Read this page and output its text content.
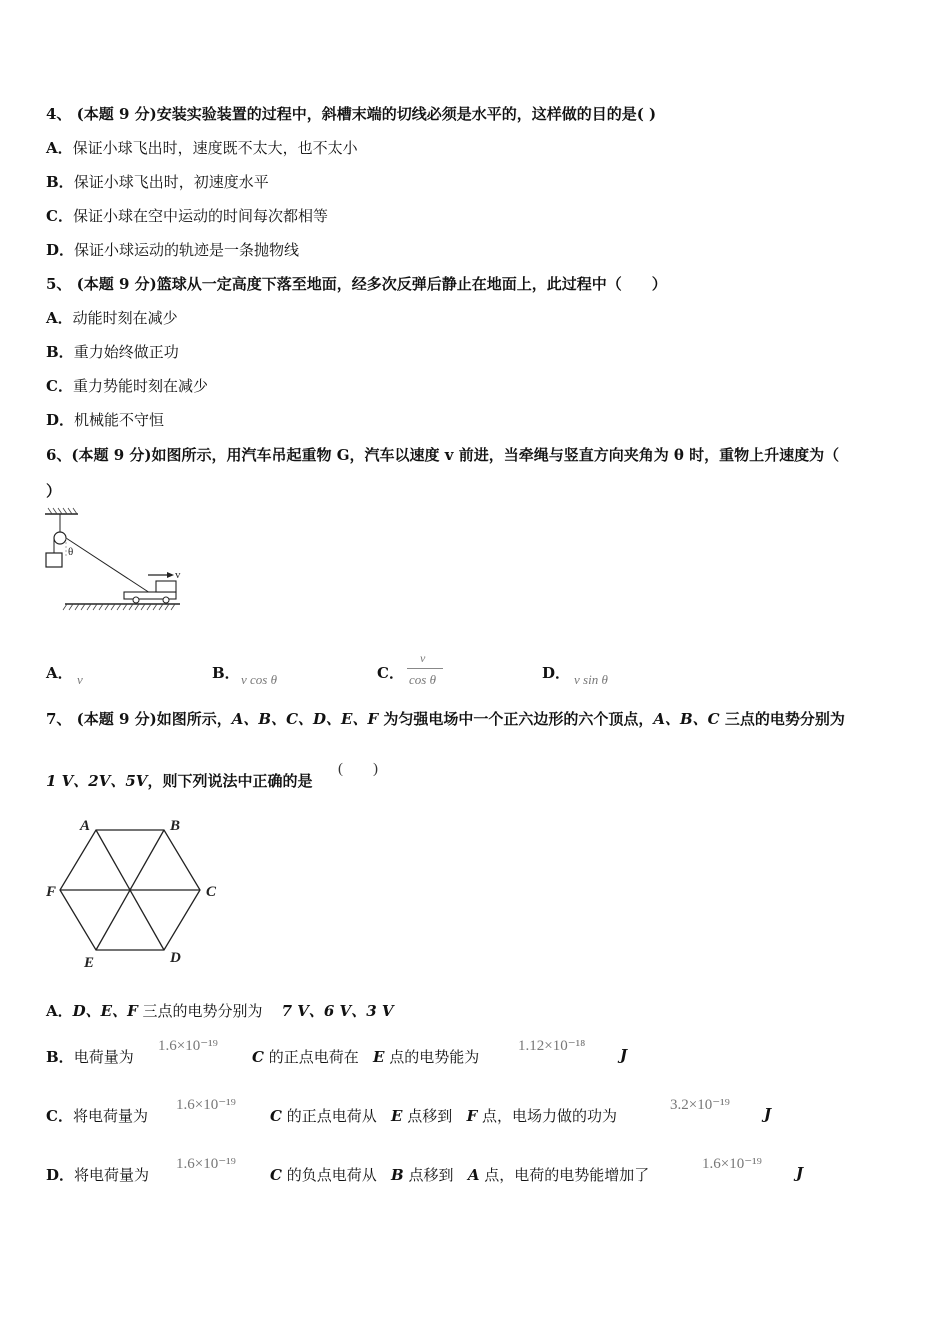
4、 (本题 9 分)安装实验装置的过程中，斜槽末端的切线必须是水平的，这样做的目的是( )
A．保证小球飞出时，速度既不太大，也不太小
B．保证小球飞出时，初速度水平
C．保证小球在空中运动的时间每次都相等
D．保证小球运动的轨迹是一条抛物线
5、 (本题 9 分)篮球从一定高度下落至地面，经多次反弹后静止在地面上，此过程中（　　）
A．动能时刻在减少
B．重力始终做正功
C．重力势能时刻在减少
D．机械能不守恒
6、(本题 9 分)如图所示，用汽车吊起重物 G，汽车以速度 v 前进，当牵绳与竖直方向夹角为 θ 时，重物上升速度为（
）
θ
v
A． v	B． v cos θ	C．
v
cos θ	D． v sin θ
7、 (本题 9 分)如图所示，A、B、C、D、E、F 为匀强电场中一个正六边形的六个顶点，A、B、C 三点的电势分别为
1 V、2V、5V，则下列说法中正确的是
(　　)
A	B
C
D
E
F
A．D、E、F 三点的电势分别为 7 V、6 V、3 V
B．电荷量为
1.6×10⁻¹⁹
C 的正点电荷在 E 点的电势能为
1.12×10⁻¹⁸ J
C．将电荷量为
1.6×10⁻¹⁹
C 的正点电荷从 E 点移到 F 点，电场力做的功为
3.2×10⁻¹⁹ J
D．将电荷量为
1.6×10⁻¹⁹
C 的负点电荷从 B 点移到 A 点，电荷的电势能增加了
1.6×10⁻¹⁹ J
